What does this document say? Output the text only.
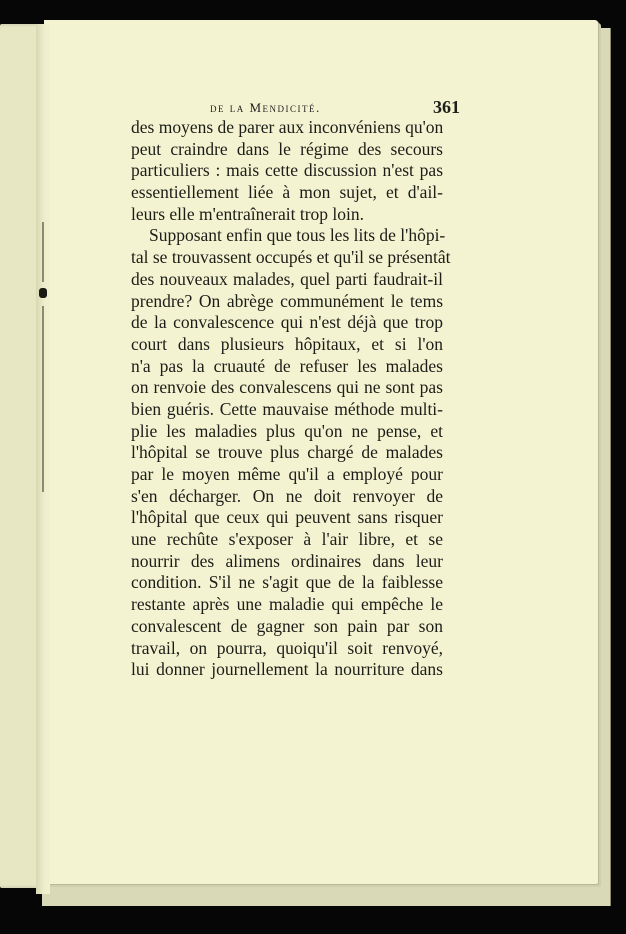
de la Mendicité.	361
des moyens de parer aux inconvéniens qu'on
peut craindre dans le régime des secours
particuliers : mais cette discussion n'est pas
essentiellement liée à mon sujet, et d'ail-
leurs elle m'entraînerait trop loin.
Supposant enfin que tous les lits de l'hôpi-
tal se trouvassent occupés et qu'il se présentât
des nouveaux malades, quel parti faudrait-il
prendre? On abrège communément le tems
de la convalescence qui n'est déjà que trop
court dans plusieurs hôpitaux, et si l'on
n'a pas la cruauté de refuser les malades
on renvoie des convalescens qui ne sont pas
bien guéris. Cette mauvaise méthode multi-
plie les maladies plus qu'on ne pense, et
l'hôpital se trouve plus chargé de malades
par le moyen même qu'il a employé pour
s'en décharger. On ne doit renvoyer de
l'hôpital que ceux qui peuvent sans risquer
une rechûte s'exposer à l'air libre, et se
nourrir des alimens ordinaires dans leur
condition. S'il ne s'agit que de la faiblesse
restante après une maladie qui empêche le
convalescent de gagner son pain par son
travail, on pourra, quoiqu'il soit renvoyé,
lui donner journellement la nourriture dans
